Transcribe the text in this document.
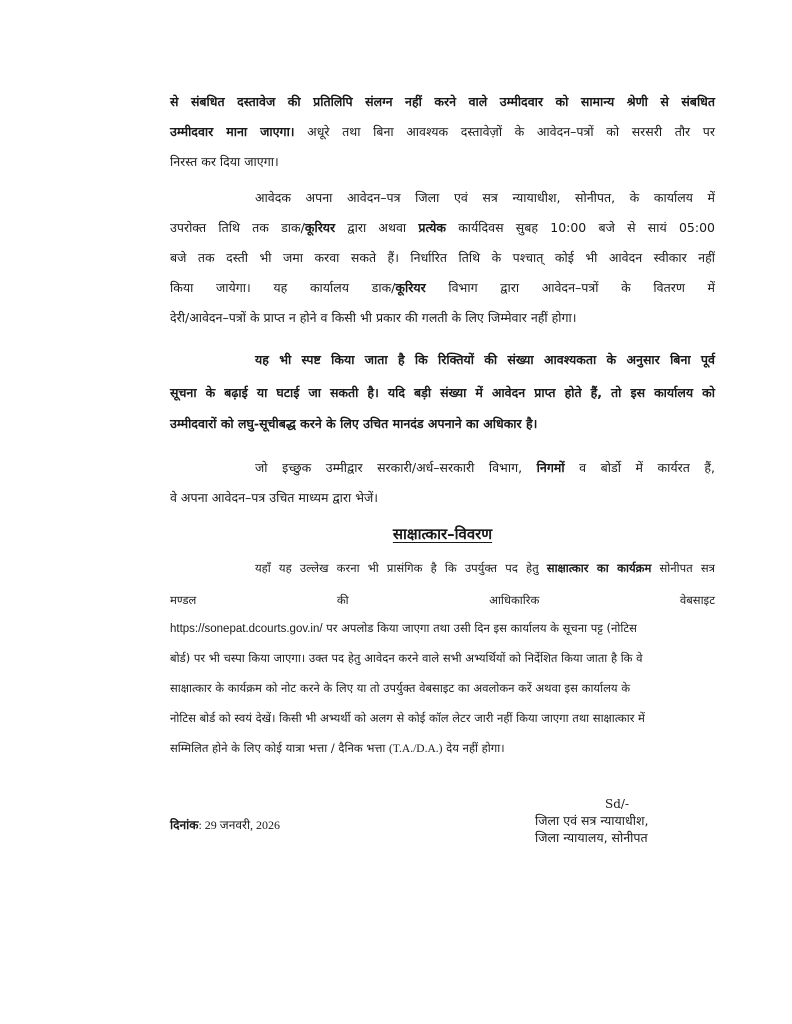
से संबधित दस्तावेज की प्रतिलिपि संलग्न नहीं करने वाले उम्मीदवार को सामान्य श्रेणी से संबधित
उम्मीदवार माना जाएगा। अधूरे तथा बिना आवश्यक दस्तावेज़ों के आवेदन–पत्रों को सरसरी तौर पर
निरस्त कर दिया जाएगा।
आवेदक अपना आवेदन–पत्र जिला एवं सत्र न्यायाधीश, सोनीपत, के कार्यालय में
उपरोक्त तिथि तक डाक/कूरियर द्वारा अथवा प्रत्येक कार्यदिवस सुबह 10:00 बजे से सायं 05:00
बजे तक दस्ती भी जमा करवा सकते हैं। निर्धारित तिथि के पश्चात् कोई भी आवेदन स्वीकार नहीं
किया जायेगा। यह कार्यालय डाक/कूरियर विभाग द्वारा आवेदन–पत्रों के वितरण में
देरी/आवेदन–पत्रों के प्राप्त न होने व किसी भी प्रकार की गलती के लिए जिम्मेवार नहीं होगा।
यह भी स्पष्ट किया जाता है कि रिक्तियों की संख्या आवश्यकता के अनुसार बिना पूर्व
सूचना के बढ़ाई या घटाई जा सकती है। यदि बड़ी संख्या में आवेदन प्राप्त होते हैं, तो इस कार्यालय को
उम्मीदवारों को लघु-सूचीबद्ध करने के लिए उचित मानदंड अपनाने का अधिकार है।
जो इच्छुक उम्मीद्वार सरकारी/अर्ध–सरकारी विभाग, निगमों व बोर्डो में कार्यरत हैं,
वे अपना आवेदन–पत्र उचित माध्यम द्वारा भेजें।
साक्षात्कार–विवरण
यहाँ यह उल्लेख करना भी प्रासंगिक है कि उपर्युक्त पद हेतु साक्षात्कार का कार्यक्रम सोनीपत सत्र
मण्डल	की	आधिकारिक	वेबसाइट
https://sonepat.dcourts.gov.in/ पर अपलोड किया जाएगा तथा उसी दिन इस कार्यालय के सूचना पट्ट (नोटिस
बोर्ड) पर भी चस्पा किया जाएगा। उक्त पद हेतु आवेदन करने वाले सभी अभ्यर्थियों को निर्देशित किया जाता है कि वे
साक्षात्कार के कार्यक्रम को नोट करने के लिए या तो उपर्युक्त वेबसाइट का अवलोकन करें अथवा इस कार्यालय के
नोटिस बोर्ड को स्वयं देखें। किसी भी अभ्यर्थी को अलग से कोई कॉल लेटर जारी नहीं किया जाएगा तथा साक्षात्कार में
सम्मिलित होने के लिए कोई यात्रा भत्ता / दैनिक भत्ता (T.A./D.A.) देय नहीं होगा।
दिनांक: 29 जनवरी, 2026
Sd/-
जिला एवं सत्र न्यायाधीश,
जिला न्यायालय, सोनीपत
